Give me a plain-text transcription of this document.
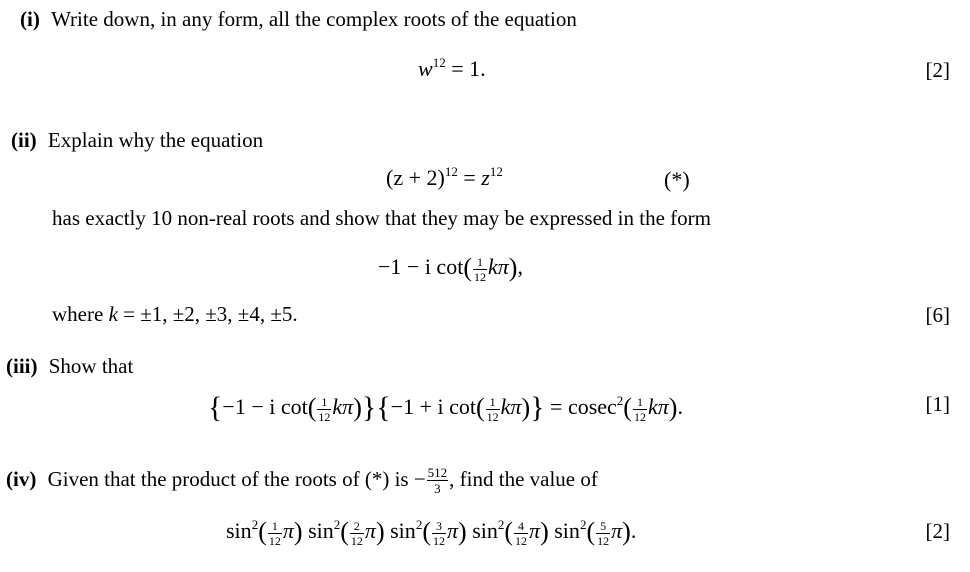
(i) Write down, in any form, all the complex roots of the equation
$w^{12} = 1$.	[2]
(ii) Explain why the equation
$(z + 2)^{12} = z^{12}$	(*)
has exactly 10 non-real roots and show that they may be expressed in the form
−1 − i $\cot( \frac{1}{12} k\pi)$,
where k = ±1, ±2, ±3, ±4, ±5.	[6]
(iii) Show that
{−1 − i $\cot( \frac{1}{12} k\pi)\}\{-1 + i$ $\cot( \frac{1}{12} k\pi)\} = cosec^2( \frac{1}{12} k\pi)$.	[1]
(iv) Given that the product of the roots of (*) is − $\frac{512}{3}$ , find the value of
$\sin^2( \frac{1}{12} \pi)$ $\sin^2( \frac{2}{12} \pi)$ $\sin^2( \frac{3}{12} \pi)$ $\sin^2( \frac{4}{12} \pi)$ $\sin^2( \frac{5}{12} \pi)$.	[2]
